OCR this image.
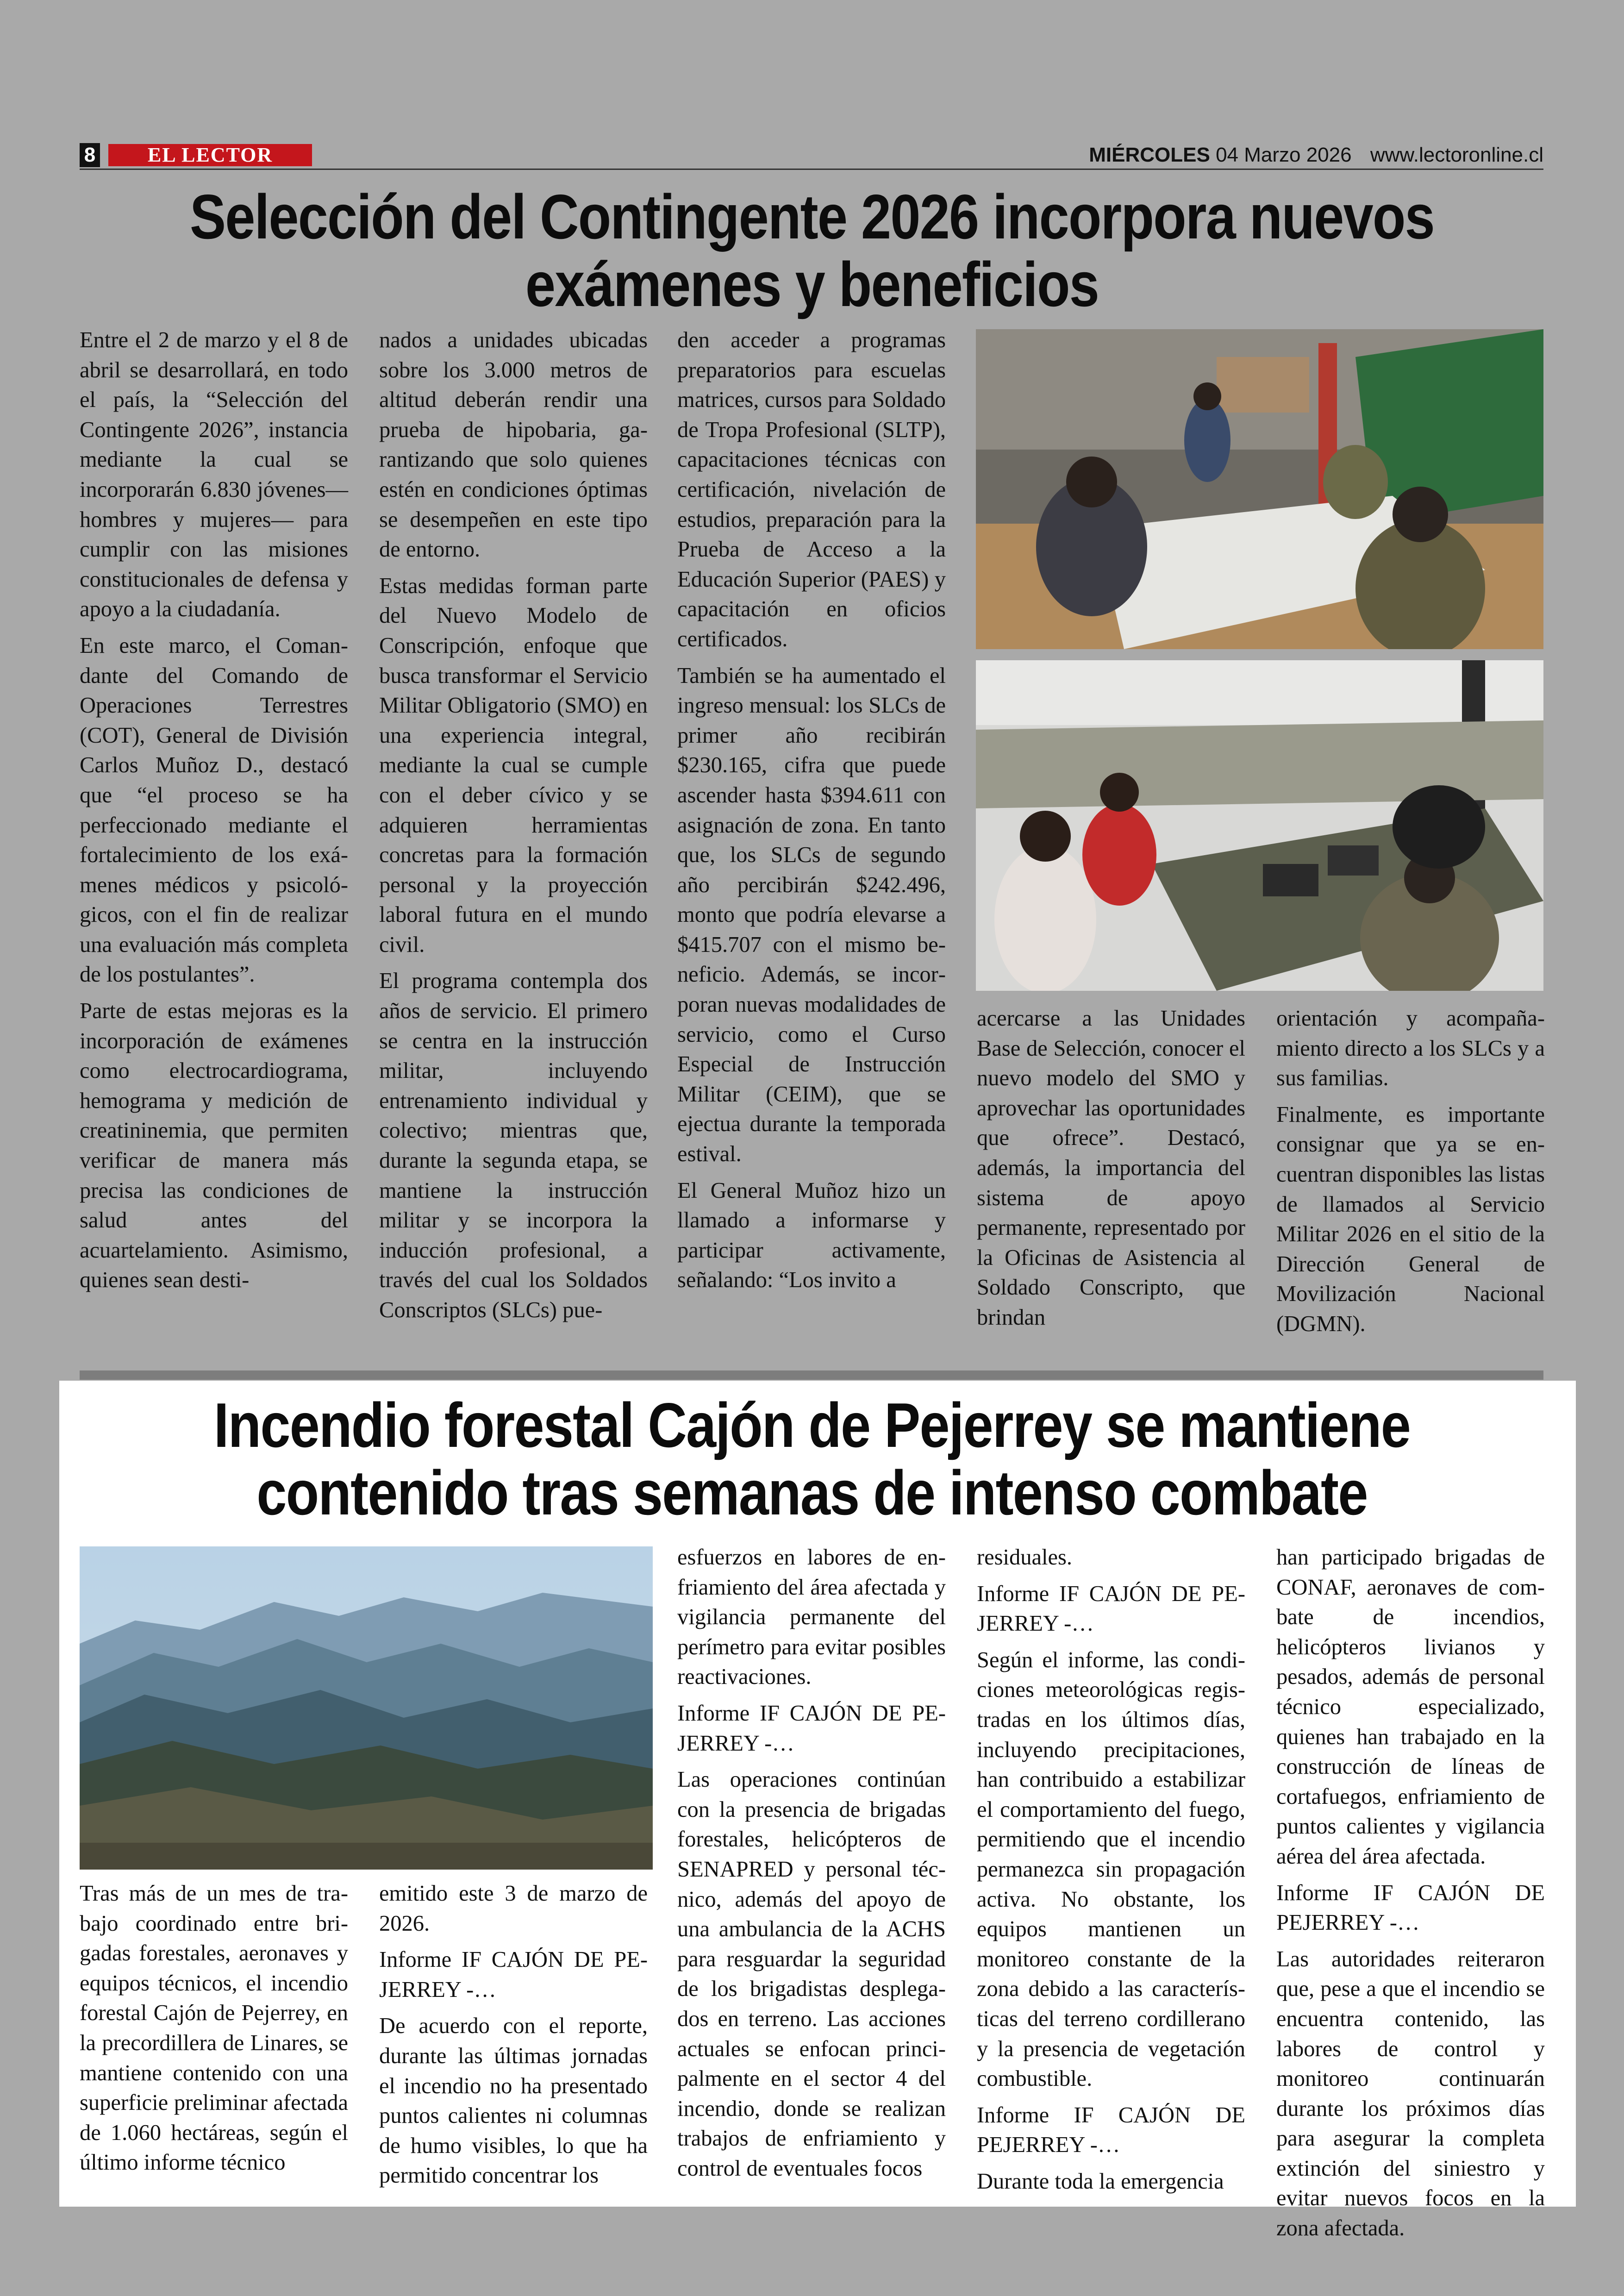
8	EL LECTOR	MIÉRCOLES 04 Marzo 2026 www.lectoronline.cl
Selección del Contingente 2026 incorpora nuevos
exámenes y beneficios

Entre el 2 de marzo y el 8 de abril se desarrollará, en todo el país, la “Selección del Contingente 2026”, instancia mediante la cual se incorporarán 6.830 jóvenes—hombres y mujeres— para cumplir con las misiones constitucionales de defensa y apoyo a la ciudadanía.

En este marco, el Comandante del Comando de Operaciones Terrestres (COT), General de División Carlos Muñoz D., destacó que “el proceso se ha perfeccionado mediante el fortalecimiento de los exámenes médicos y psicológicos, con el fin de realizar una evaluación más completa de los postulantes”.

Parte de estas mejoras es la incorporación de exámenes como electrocardiograma, hemograma y medición de creatininemia, que permiten verificar de manera más precisa las condiciones de salud antes del acuartelamiento. Asimismo, quienes sean desti-

nados a unidades ubicadas sobre los 3.000 metros de altitud deberán rendir una prueba de hipobaria, garantizando que solo quienes estén en condiciones óptimas se desempeñen en este tipo de entorno.

Estas medidas forman parte del Nuevo Modelo de Conscripción, enfoque que busca transformar el Servicio Militar Obligatorio (SMO) en una experiencia integral, mediante la cual se cumple con el deber cívico y se adquieren herramientas concretas para la formación personal y la proyección laboral futura en el mundo civil.

El programa contempla dos años de servicio. El primero se centra en la instrucción militar, incluyendo entrenamiento individual y colectivo; mientras que, durante la segunda etapa, se mantiene la instrucción militar y se incorpora la inducción profesional, a través del cual los Soldados Conscriptos (SLCs) pue-

den acceder a programas preparatorios para escuelas matrices, cursos para Soldado de Tropa Profesional (SLTP), capacitaciones técnicas con certificación, nivelación de estudios, preparación para la Prueba de Acceso a la Educación Superior (PAES) y capacitación en oficios certificados.

También se ha aumentado el ingreso mensual: los SLCs de primer año recibirán $230.165, cifra que puede ascender hasta $394.611 con asignación de zona. En tanto que, los SLCs de segundo año percibirán $242.496, monto que podría elevarse a $415.707 con el mismo beneficio. Además, se incorporan nuevas modalidades de servicio, como el Curso Especial de Instrucción Militar (CEIM), que se ejectua durante la temporada estival.

El General Muñoz hizo un llamado a informarse y participar activamente, señalando: “Los invito a

acercarse a las Unidades Base de Selección, conocer el nuevo modelo del SMO y aprovechar las oportunidades que ofrece”. Destacó, además, la importancia del sistema de apoyo permanente, representado por la Oficinas de Asistencia al Soldado Conscripto, que brindan

orientación y acompañamiento directo a los SLCs y a sus familias.

Finalmente, es importante consignar que ya se encuentran disponibles las listas de llamados al Servicio Militar 2026 en el sitio de la Dirección General de Movilización Nacional (DGMN).

Incendio forestal Cajón de Pejerrey se mantiene
contenido tras semanas de intenso combate

Tras más de un mes de trabajo coordinado entre brigadas forestales, aeronaves y equipos técnicos, el incendio forestal Cajón de Pejerrey, en la precordillera de Linares, se mantiene contenido con una superficie preliminar afectada de 1.060 hectáreas, según el último informe técnico

emitido este 3 de marzo de 2026.

Informe IF CAJÓN DE PEJERREY -…

De acuerdo con el reporte, durante las últimas jornadas el incendio no ha presentado puntos calientes ni columnas de humo visibles, lo que ha permitido concentrar los

esfuerzos en labores de enfriamiento del área afectada y vigilancia permanente del perímetro para evitar posibles reactivaciones.

Informe IF CAJÓN DE PEJERREY -…

Las operaciones continúan con la presencia de brigadas forestales, helicópteros de SENAPRED y personal técnico, además del apoyo de una ambulancia de la ACHS para resguardar la seguridad de los brigadistas desplegados en terreno. Las acciones actuales se enfocan principalmente en el sector 4 del incendio, donde se realizan trabajos de enfriamiento y control de eventuales focos

residuales.

Informe IF CAJÓN DE PEJERREY -…

Según el informe, las condiciones meteorológicas registradas en los últimos días, incluyendo precipitaciones, han contribuido a estabilizar el comportamiento del fuego, permitiendo que el incendio permanezca sin propagación activa. No obstante, los equipos mantienen un monitoreo constante de la zona debido a las características del terreno cordillerano y la presencia de vegetación combustible.

Informe IF CAJÓN DE PEJERREY -…

Durante toda la emergencia

han participado brigadas de CONAF, aeronaves de combate de incendios, helicópteros livianos y pesados, además de personal técnico especializado, quienes han trabajado en la construcción de líneas de cortafuegos, enfriamiento de puntos calientes y vigilancia aérea del área afectada.

Informe IF CAJÓN DE PEJERREY -…

Las autoridades reiteraron que, pese a que el incendio se encuentra contenido, las labores de control y monitoreo continuarán durante los próximos días para asegurar la completa extinción del siniestro y evitar nuevos focos en la zona afectada.
